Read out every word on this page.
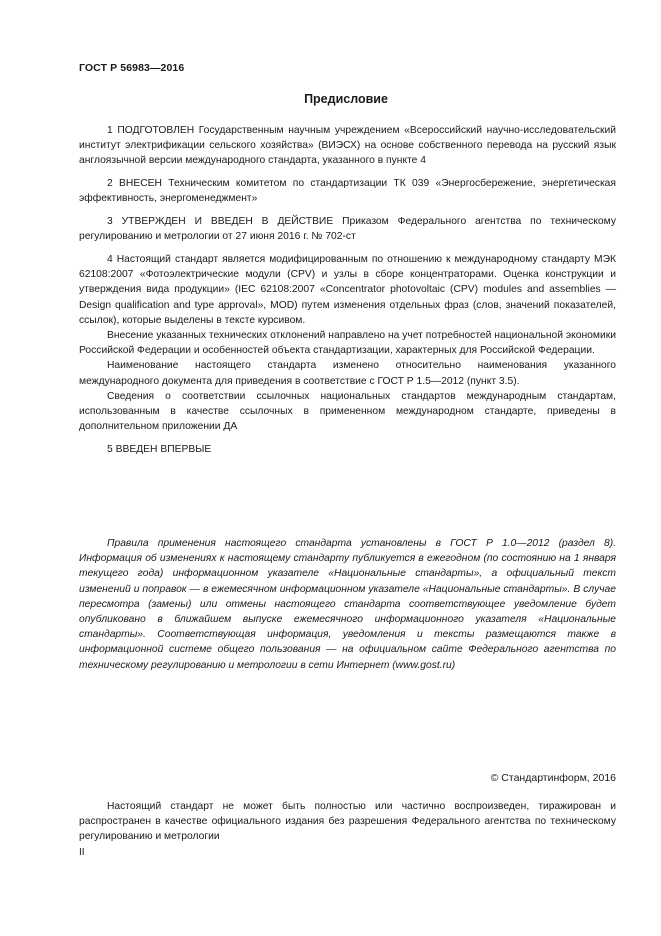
ГОСТ Р 56983—2016
Предисловие

1 ПОДГОТОВЛЕН Государственным научным учреждением «Всероссийский научно-исследовательский институт электрификации сельского хозяйства» (ВИЭСХ) на основе собственного перевода на русский язык англоязычной версии международного стандарта, указанного в пункте 4

2 ВНЕСЕН Техническим комитетом по стандартизации ТК 039 «Энергосбережение, энергетическая эффективность, энергоменеджмент»

3 УТВЕРЖДЕН И ВВЕДЕН В ДЕЙСТВИЕ Приказом Федерального агентства по техническому регулированию и метрологии от 27 июня 2016 г. № 702-ст

4 Настоящий стандарт является модифицированным по отношению к международному стандарту МЭК 62108:2007 «Фотоэлектрические модули (CPV) и узлы в сборе концентраторами. Оценка конструкции и утверждения вида продукции» (IEC 62108:2007 «Concentrator photovoltaic (CPV) modules and assemblies — Design qualification and type approval», MOD) путем изменения отдельных фраз (слов, значений показателей, ссылок), которые выделены в тексте курсивом.

Внесение указанных технических отклонений направлено на учет потребностей национальной экономики Российской Федерации и особенностей объекта стандартизации, характерных для Российской Федерации.

Наименование настоящего стандарта изменено относительно наименования указанного международного документа для приведения в соответствие с ГОСТ Р 1.5—2012 (пункт 3.5).

Сведения о соответствии ссылочных национальных стандартов международным стандартам, использованным в качестве ссылочных в примененном международном стандарте, приведены в дополнительном приложении ДА

5 ВВЕДЕН ВПЕРВЫЕ

Правила применения настоящего стандарта установлены в ГОСТ Р 1.0—2012 (раздел 8). Информация об изменениях к настоящему стандарту публикуется в ежегодном (по состоянию на 1 января текущего года) информационном указателе «Национальные стандарты», а официальный текст изменений и поправок — в ежемесячном информационном указателе «Национальные стандарты». В случае пересмотра (замены) или отмены настоящего стандарта соответствующее уведомление будет опубликовано в ближайшем выпуске ежемесячного информационного указателя «Национальные стандарты». Соответствующая информация, уведомления и тексты размещаются также в информационной системе общего пользования — на официальном сайте Федерального агентства по техническому регулированию и метрологии в сети Интернет (www.gost.ru)

© Стандартинформ, 2016

Настоящий стандарт не может быть полностью или частично воспроизведен, тиражирован и распространен в качестве официального издания без разрешения Федерального агентства по техническому регулированию и метрологии

II
